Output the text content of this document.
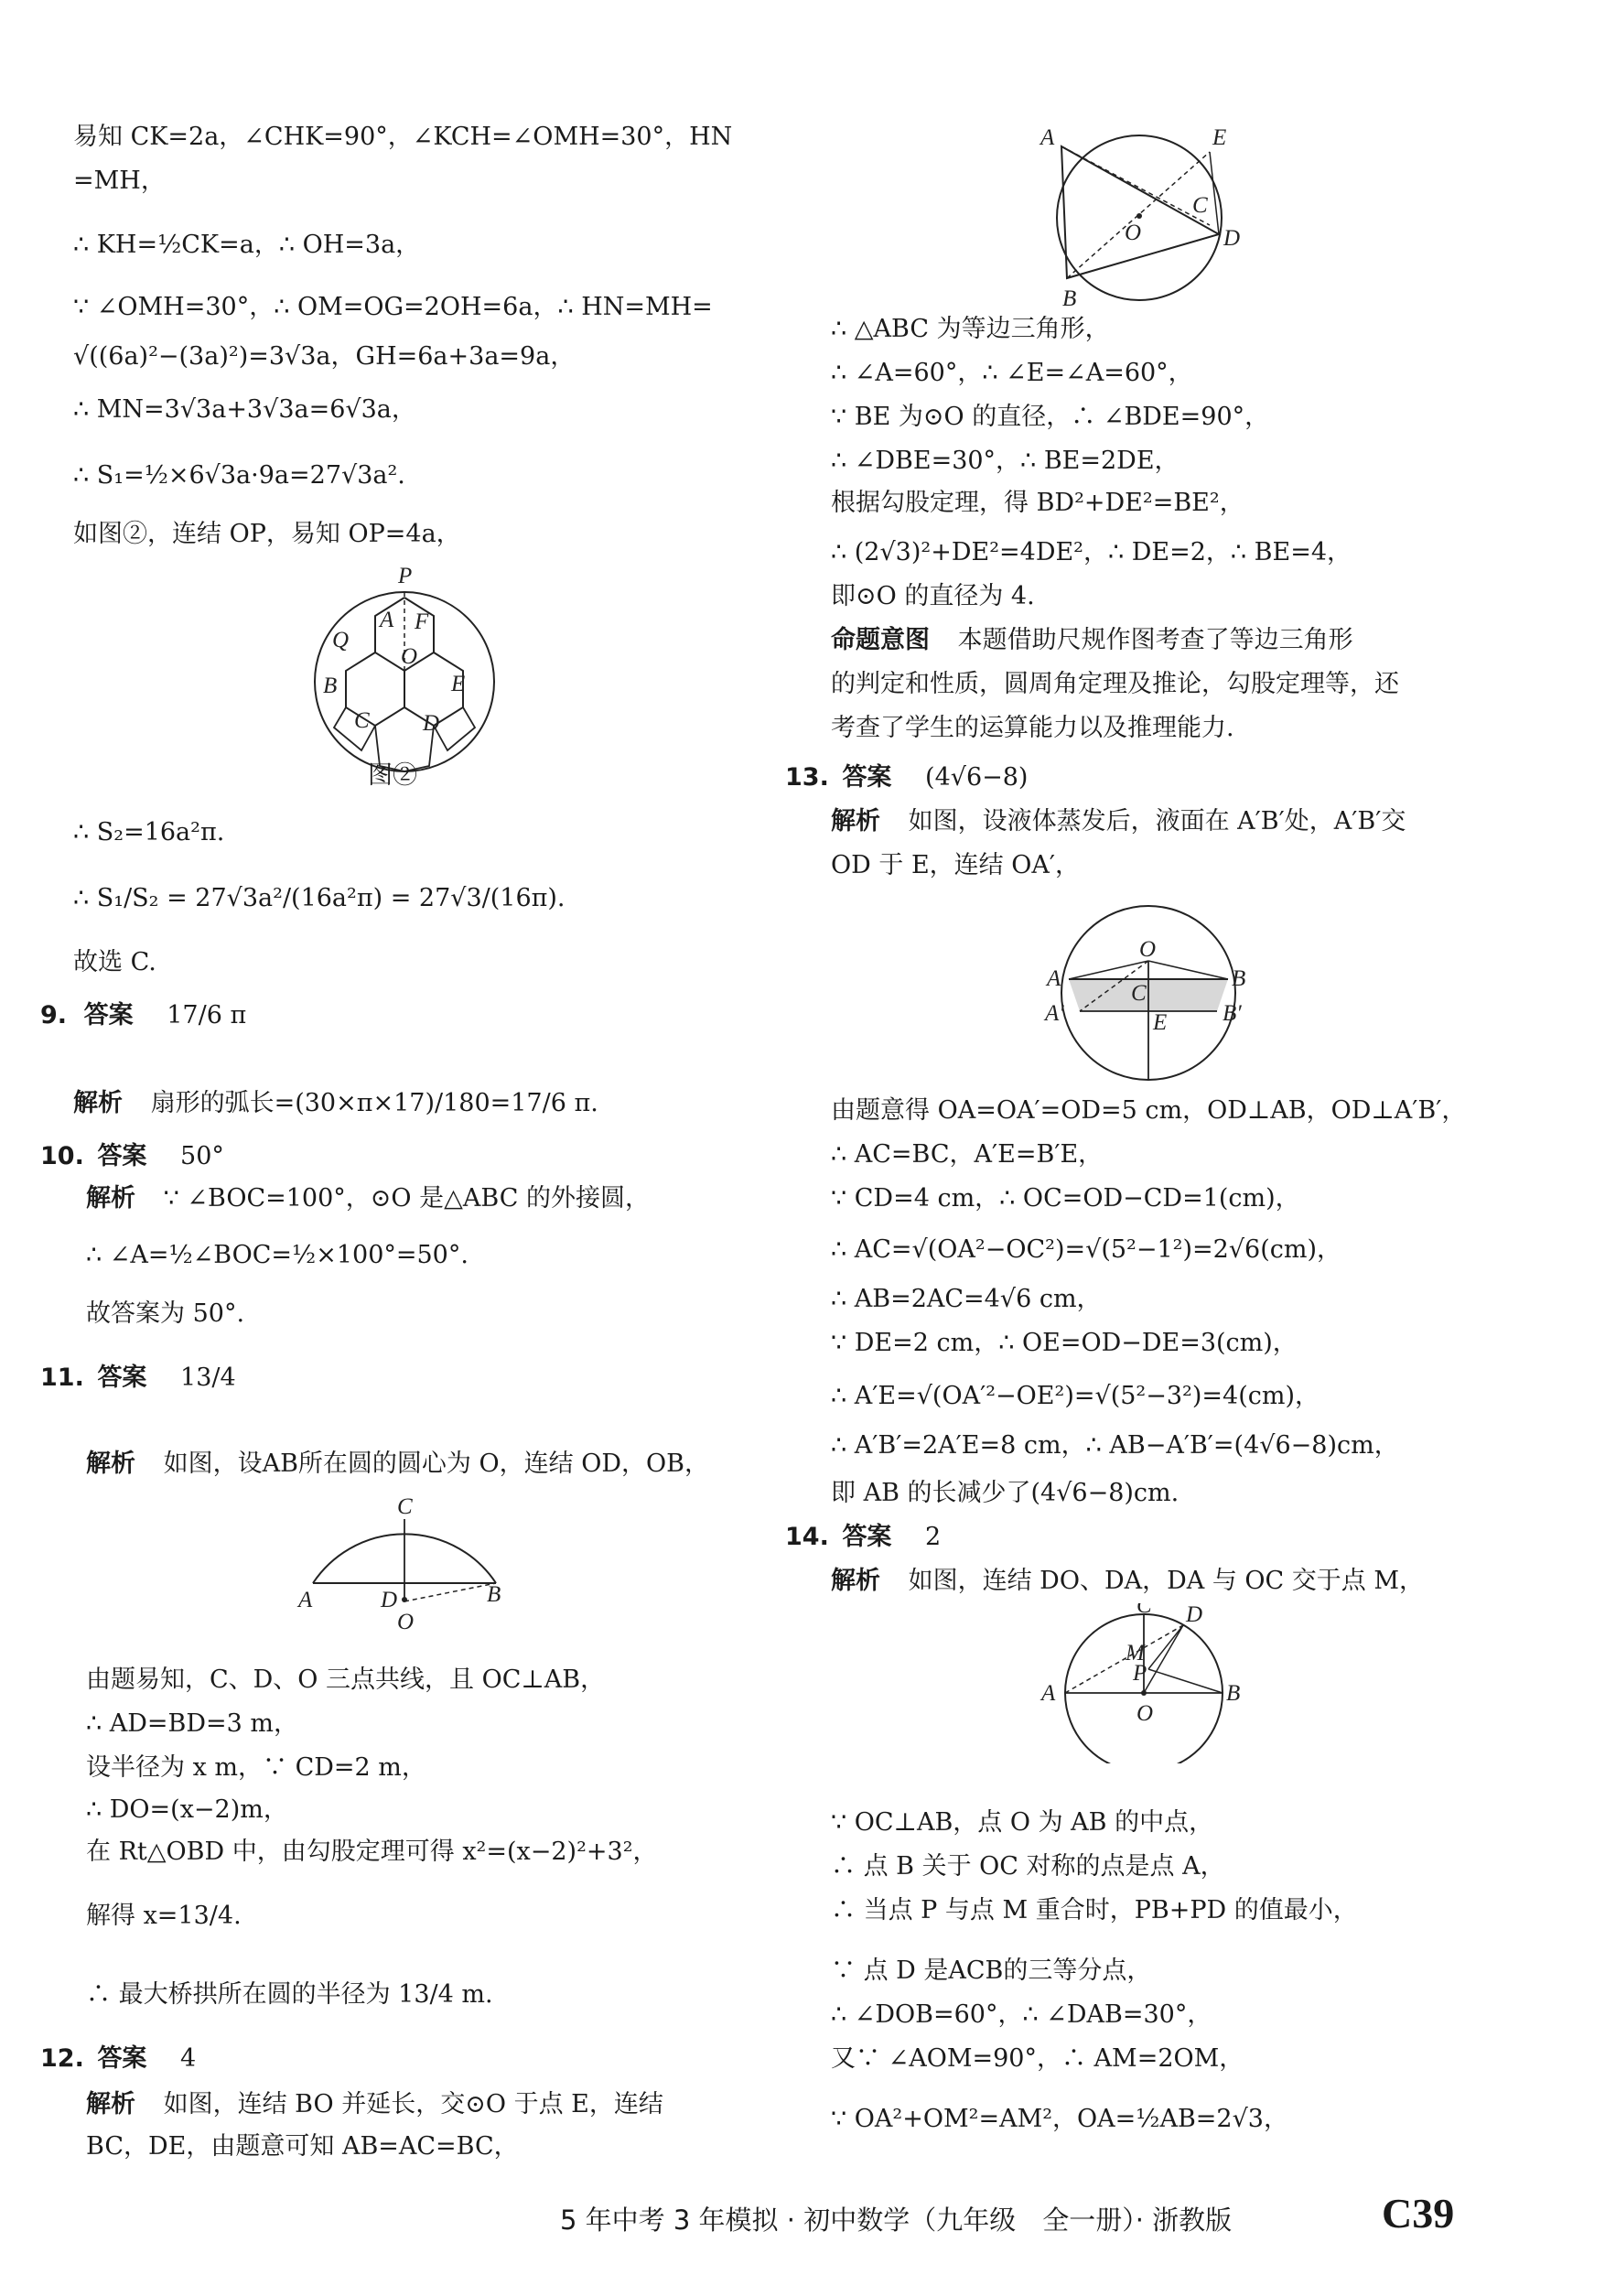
易知 CK=2a，∠CHK=90°，∠KCH=∠OMH=30°，HN
=MH，
∴ KH=½CK=a，∴ OH=3a，
∵ ∠OMH=30°，∴ OM=OG=2OH=6a，∴ HN=MH=
√((6a)²−(3a)²)=3√3a，GH=6a+3a=9a，
∴ MN=3√3a+3√3a=6√3a，
∴ S₁=½×6√3a·9a=27√3a².
如图②，连结 OP，易知 OP=4a，
P
A F
Q
O
B	E
C D
图②
∴ S₂=16a²π.
∴ S₁/S₂ = 27√3a²/(16a²π) = 27√3/(16π).
故选 C.
9. 答案 17/6 π
解析 扇形的弧长=(30×π×17)/180=17/6 π.
10. 答案 50°
解析 ∵ ∠BOC=100°，⊙O 是△ABC 的外接圆，
∴ ∠A=½∠BOC=½×100°=50°.
故答案为 50°.
11. 答案 13/4
解析 如图，设AB所在圆的圆心为 O，连结 OD，OB，
C
A	D	B
O
由题易知，C、D、O 三点共线，且 OC⊥AB，
∴ AD=BD=3 m，
设半径为 x m，∵ CD=2 m，
∴ DO=(x−2)m，
在 Rt△OBD 中，由勾股定理可得 x²=(x−2)²+3²，
解得 x=13/4.
∴ 最大桥拱所在圆的半径为 13/4 m.
12. 答案 4
解析 如图，连结 BO 并延长，交⊙O 于点 E，连结
BC，DE，由题意可知 AB=AC=BC，
A	E
C
O	D
B
∴ △ABC 为等边三角形，
∴ ∠A=60°，∴ ∠E=∠A=60°，
∵ BE 为⊙O 的直径，∴ ∠BDE=90°，
∴ ∠DBE=30°，∴ BE=2DE，
根据勾股定理，得 BD²+DE²=BE²，
∴ (2√3)²+DE²=4DE²，∴ DE=2，∴ BE=4，
即⊙O 的直径为 4.
命题意图 本题借助尺规作图考查了等边三角形
的判定和性质，圆周角定理及推论，勾股定理等，还
考查了学生的运算能力以及推理能力.
13. 答案 (4√6−8)
解析 如图，设液体蒸发后，液面在 A′B′处，A′B′交
OD 于 E，连结 OA′，
O
A	B
C
A′	B′
E
由题意得 OA=OA′=OD=5 cm，OD⊥AB，OD⊥A′B′，
∴ AC=BC，A′E=B′E，
∵ CD=4 cm，∴ OC=OD−CD=1(cm)，
∴ AC=√(OA²−OC²)=√(5²−1²)=2√6(cm)，
∴ AB=2AC=4√6 cm，
∵ DE=2 cm，∴ OE=OD−DE=3(cm)，
∴ A′E=√(OA′²−OE²)=√(5²−3²)=4(cm)，
∴ A′B′=2A′E=8 cm，∴ AB−A′B′=(4√6−8)cm，
即 AB 的长减少了(4√6−8)cm.
14. 答案 2
解析 如图，连结 DO、DA，DA 与 OC 交于点 M，
C D
M
P
A	B
O
∵ OC⊥AB，点 O 为 AB 的中点，
∴ 点 B 关于 OC 对称的点是点 A，
∴ 当点 P 与点 M 重合时，PB+PD 的值最小，
∵ 点 D 是ACB的三等分点，
∴ ∠DOB=60°，∴ ∠DAB=30°，
又∵ ∠AOM=90°，∴ AM=2OM，
∵ OA²+OM²=AM²，OA=½AB=2√3，
5 年中考 3 年模拟 · 初中数学（九年级　全一册）· 浙教版	C39
